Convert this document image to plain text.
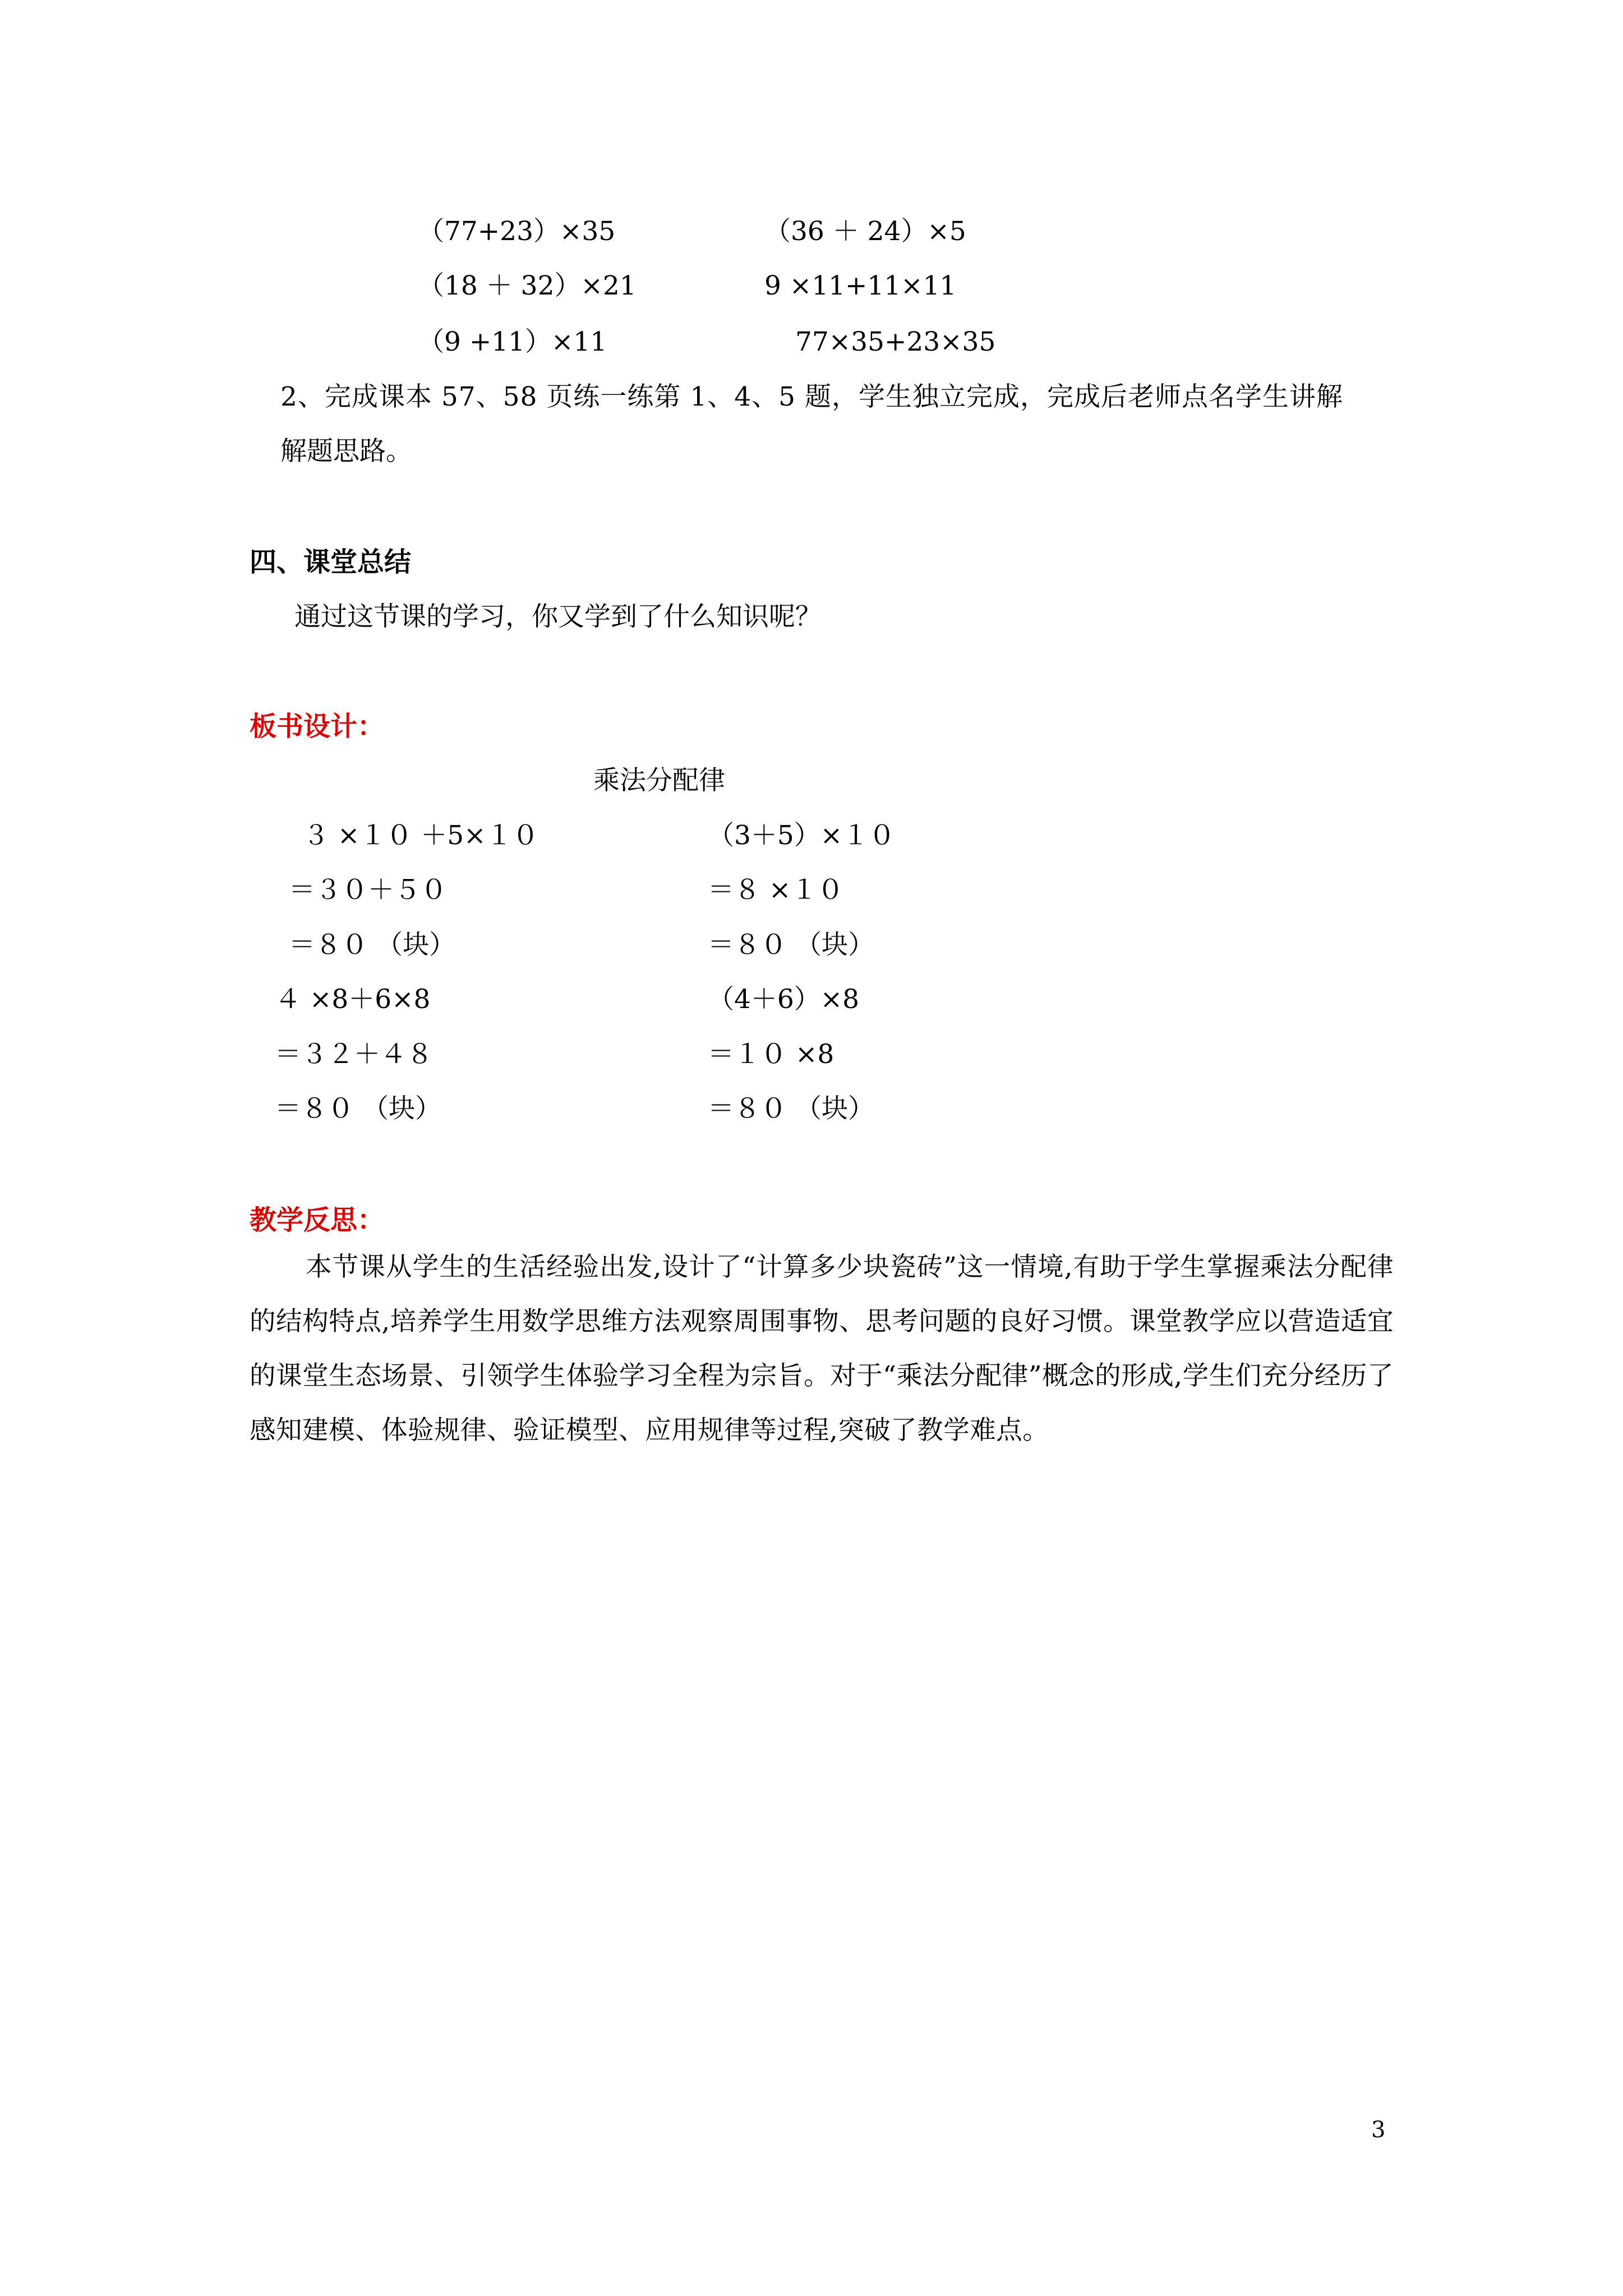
（77+23）×35	（36 ＋ 24）×5
（18 ＋ 32）×21	9 ×11+11×11
（9 +11）×11	77×35+23×35
2、完成课本 57、58 页练一练第 1、4、5 题，学生独立完成，完成后老师点名学生讲解
解题思路。
四、课堂总结
通过这节课的学习，你又学到了什么知识呢？
板书设计：
乘法分配律
３ ×１０ ＋5×１０	（3＋5）×１０
＝３０＋５０	＝８ ×１０
＝８０ （块）	＝８０ （块）
４ ×8＋6×8	（4＋6）×8
＝３２＋４８	＝１０ ×8
＝８０ （块）	＝８０ （块）
教学反思：
本节课从学生的生活经验出发,设计了“计算多少块瓷砖”这一情境,有助于学生掌握乘法分配律的结构特点,培养学生用数学思维方法观察周围事物、思考问题的良好习惯。课堂教学应以营造适宜的课堂生态场景、引领学生体验学习全程为宗旨。对于“乘法分配律”概念的形成,学生们充分经历了感知建模、体验规律、验证模型、应用规律等过程,突破了教学难点。
3
